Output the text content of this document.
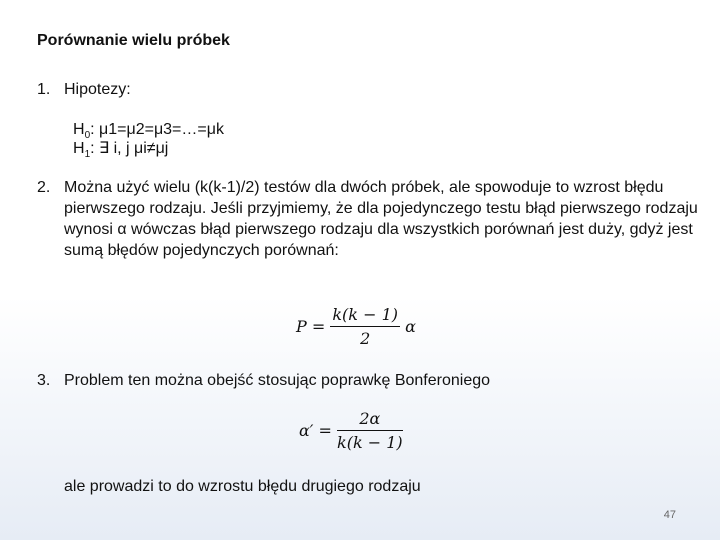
Porównanie wielu próbek
1. Hipotezy:
$H_0$: μ1=μ2=μ3=…=μk
$H_1$: ∃ i, j μi≠μj
2. Można użyć wielu (k(k-1)/2) testów dla dwóch próbek, ale spowoduje to wzrost błędu pierwszego rodzaju. Jeśli przyjmiemy, że dla pojedynczego testu błąd pierwszego rodzaju wynosi α wówczas błąd pierwszego rodzaju dla wszystkich porównań jest duży, gdyż jest sumą błędów pojedynczych porównań:
$P = \frac{k(k - 1)}{2}$ α
3. Problem ten można obejść stosując poprawkę Bonferoniego
$\alpha' = \frac{2\alpha}{k(k - 1)}$
ale prowadzi to do wzrostu błędu drugiego rodzaju
47
